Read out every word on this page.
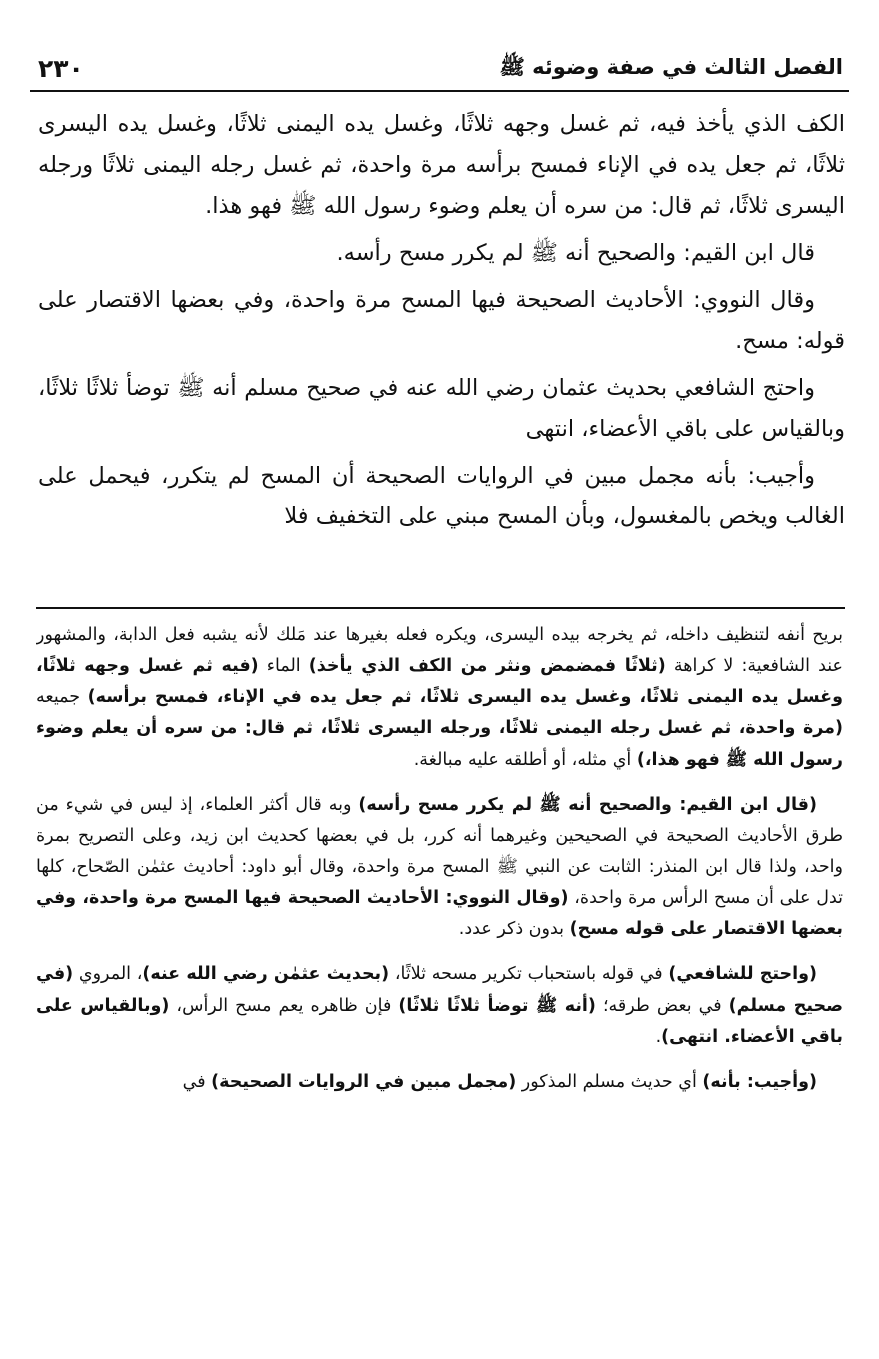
٢٣٠	الفصل الثالث في صفة وضوئه ﷺ

الكف الذي يأخذ فيه، ثم غسل وجهه ثلاثًا، وغسل يده اليمنى ثلاثًا، وغسل يده اليسرى ثلاثًا، ثم جعل يده في الإناء فمسح برأسه مرة واحدة، ثم غسل رجله اليمنى ثلاثًا ورجله اليسرى ثلاثًا، ثم قال: من سره أن يعلم وضوء رسول الله ﷺ فهو هذا.

قال ابن القيم: والصحيح أنه ﷺ لم يكرر مسح رأسه.

وقال النووي: الأحاديث الصحيحة فيها المسح مرة واحدة، وفي بعضها الاقتصار على قوله: مسح.

واحتج الشافعي بحديث عثمان رضي الله عنه في صحيح مسلم أنه ﷺ توضأ ثلاثًا ثلاثًا، وبالقياس على باقي الأعضاء، انتهى

وأجيب: بأنه مجمل مبين في الروايات الصحيحة أن المسح لم يتكرر، فيحمل على الغالب ويخص بالمغسول، وبأن المسح مبني على التخفيف فلا

بريح أنفه لتنظيف داخله، ثم يخرجه بيده اليسرى، ويكره فعله بغيرها عند مَلك لأنه يشبه فعل الدابة، والمشهور عند الشافعية: لا كراهة (ثلاثًا فمضمض ونثر من الكف الذي يأخذ) الماء (فيه ثم غسل وجهه ثلاثًا، وغسل يده اليمنى ثلاثًا، وغسل يده اليسرى ثلاثًا، ثم جعل يده في الإناء، فمسح برأسه) جميعه (مرة واحدة، ثم غسل رجله اليمنى ثلاثًا، ورجله اليسرى ثلاثًا، ثم قال: من سره أن يعلم وضوء رسول الله ﷺ فهو هذا،) أي مثله، أو أطلقه عليه مبالغة.

(قال ابن القيم: والصحيح أنه ﷺ لم يكرر مسح رأسه) وبه قال أكثر العلماء، إذ ليس في شيء من طرق الأحاديث الصحيحة في الصحيحين وغيرهما أنه كرر، بل في بعضها كحديث ابن زيد، وعلى التصريح بمرة واحد، ولذا قال ابن المنذر: الثابت عن النبي ﷺ المسح مرة واحدة، وقال أبو داود: أحاديث عثمٰن الصّحاح، كلها تدل على أن مسح الرأس مرة واحدة، (وقال النووي: الأحاديث الصحيحة فيها المسح مرة واحدة، وفي بعضها الاقتصار على قوله مسح) بدون ذكر عدد.

(واحتج للشافعي) في قوله باستحباب تكرير مسحه ثلاثًا، (بحديث عثمٰن رضي الله عنه)، المروي (في صحيح مسلم) في بعض طرقه؛ (أنه ﷺ توضأ ثلاثًا ثلاثًا) فإن ظاهره يعم مسح الرأس، (وبالقياس على باقي الأعضاء. انتهى).

(وأجيب: بأنه) أي حديث مسلم المذكور (مجمل مبين في الروايات الصحيحة) في
